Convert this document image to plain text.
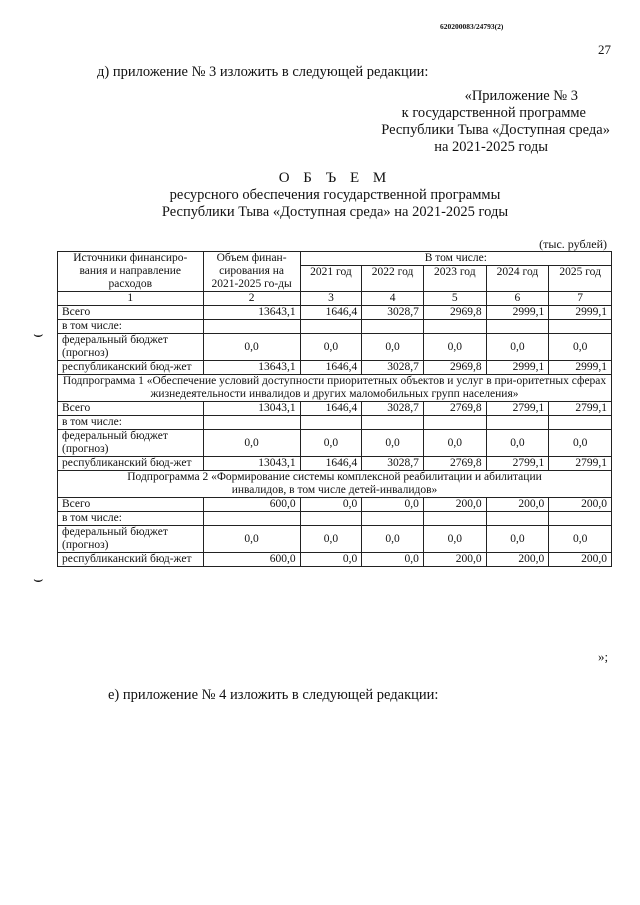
620200083/24793(2)
27
д) приложение № 3 изложить в следующей редакции:
«Приложение № 3
к государственной программе
Республики Тыва «Доступная среда»
на 2021-2025 годы
О Б Ъ Е М
ресурсного обеспечения государственной программы
Республики Тыва «Доступная среда» на 2021-2025 годы
(тыс. рублей)
⌣
⌣
Источники финансиро-вания и направление расходов	Объем финан-сирования на 2021-2025 го-ды	В том числе:				
		2021 год	2022 год	2023 год	2024 год	2025 год
1	2	3	4	5	6	7
Всего	13643,1	1646,4	3028,7	2969,8	2999,1	2999,1
в том числе:						
федеральный бюджет (прогноз)	0,0	0,0	0,0	0,0	0,0	0,0
республиканский бюд-жет	13643,1	1646,4	3028,7	2969,8	2999,1	2999,1
Подпрограмма 1 «Обеспечение условий доступности приоритетных объектов и услуг в при-оритетных сферах жизнедеятельности инвалидов и других маломобильных групп населения»						
Всего	13043,1	1646,4	3028,7	2769,8	2799,1	2799,1
в том числе:						
федеральный бюджет (прогноз)	0,0	0,0	0,0	0,0	0,0	0,0
республиканский бюд-жет	13043,1	1646,4	3028,7	2769,8	2799,1	2799,1
Подпрограмма 2 «Формирование системы комплексной реабилитации и абилитации инвалидов, в том числе детей-инвалидов»						
Всего	600,0	0,0	0,0	200,0	200,0	200,0
в том числе:						
федеральный бюджет (прогноз)	0,0	0,0	0,0	0,0	0,0	0,0
республиканский бюд-жет	600,0	0,0	0,0	200,0	200,0	200,0
»;
е) приложение № 4 изложить в следующей редакции:
